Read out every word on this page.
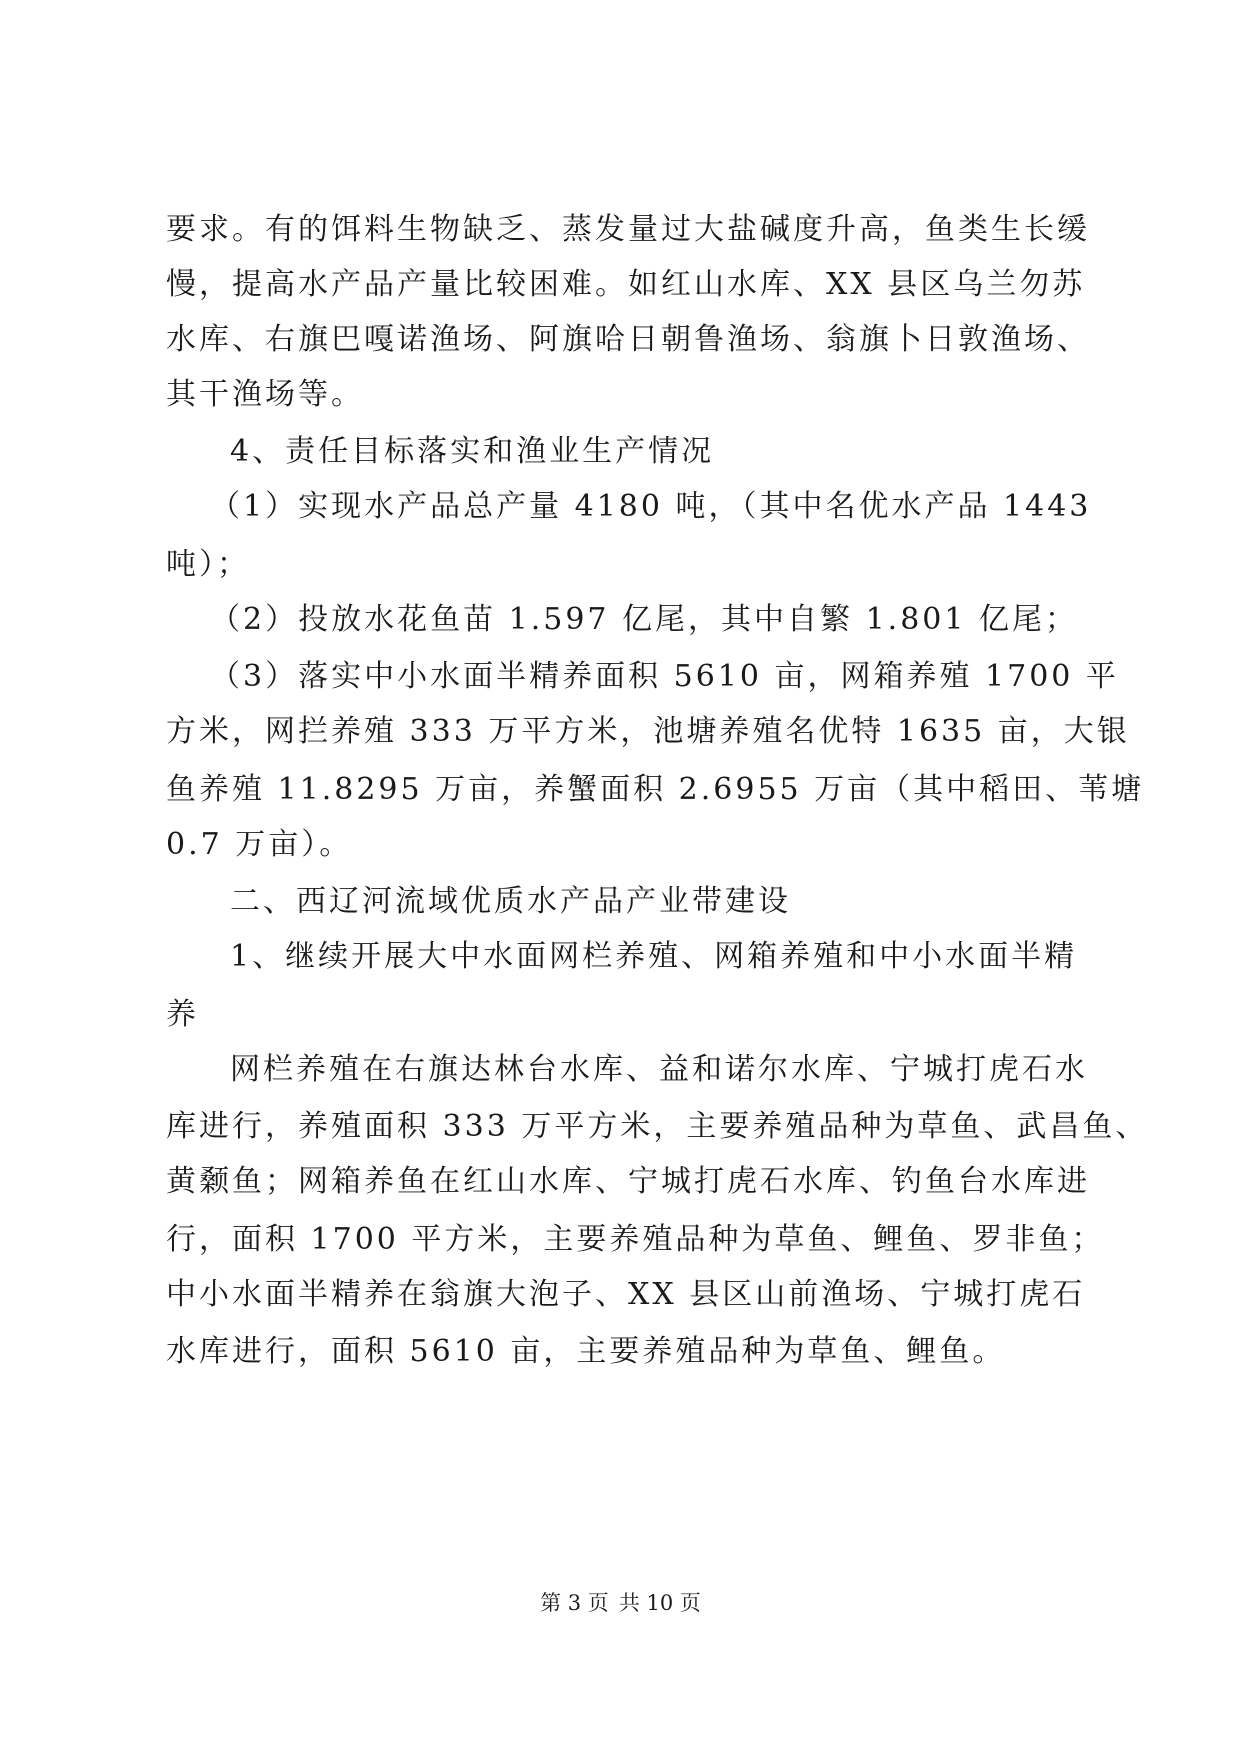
要求。有的饵料生物缺乏、蒸发量过大盐碱度升高，鱼类生长缓
慢，提高水产品产量比较困难。如红山水库、XX 县区乌兰勿苏
水库、右旗巴嘎诺渔场、阿旗哈日朝鲁渔场、翁旗卜日敦渔场、
其干渔场等。
4、责任目标落实和渔业生产情况
（1）实现水产品总产量 4180 吨，（其中名优水产品 1443
吨）；
（2）投放水花鱼苗 1.597 亿尾，其中自繁 1.801 亿尾；
（3）落实中小水面半精养面积 5610 亩，网箱养殖 1700 平
方米，网拦养殖 333 万平方米，池塘养殖名优特 1635 亩，大银
鱼养殖 11.8295 万亩，养蟹面积 2.6955 万亩（其中稻田、苇塘
0.7 万亩）。
二、西辽河流域优质水产品产业带建设
1、继续开展大中水面网栏养殖、网箱养殖和中小水面半精
养
网栏养殖在右旗达林台水库、益和诺尔水库、宁城打虎石水
库进行，养殖面积 333 万平方米，主要养殖品种为草鱼、武昌鱼、
黄颡鱼；网箱养鱼在红山水库、宁城打虎石水库、钓鱼台水库进
行，面积 1700 平方米，主要养殖品种为草鱼、鲤鱼、罗非鱼；
中小水面半精养在翁旗大泡子、XX 县区山前渔场、宁城打虎石
水库进行，面积 5610 亩，主要养殖品种为草鱼、鲤鱼。
第 3 页 共 10 页
